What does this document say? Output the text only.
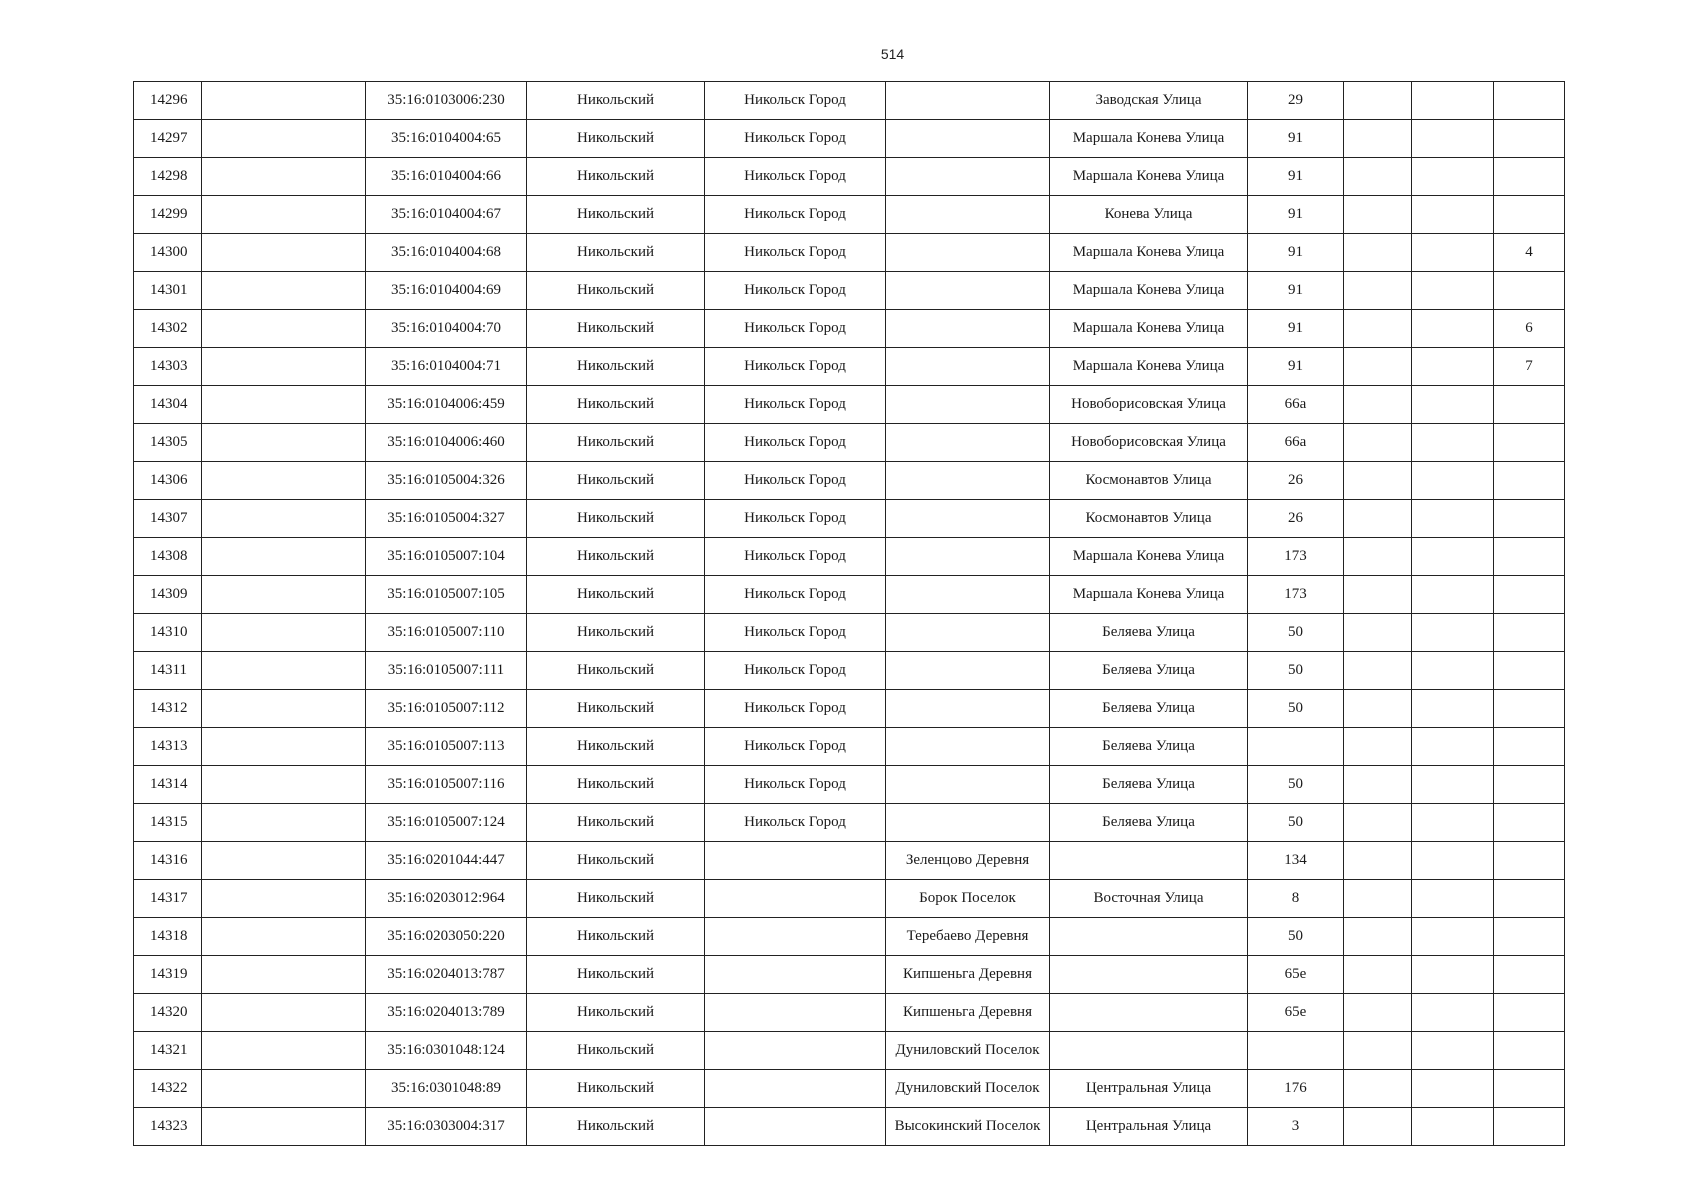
514
14296		35:16:0103006:230	Никольский	Никольск Город		Заводская Улица	29			
14297		35:16:0104004:65	Никольский	Никольск Город		Маршала Конева Улица	91			
14298		35:16:0104004:66	Никольский	Никольск Город		Маршала Конева Улица	91			
14299		35:16:0104004:67	Никольский	Никольск Город		Конева Улица	91			
14300		35:16:0104004:68	Никольский	Никольск Город		Маршала Конева Улица	91			4
14301		35:16:0104004:69	Никольский	Никольск Город		Маршала Конева Улица	91			
14302		35:16:0104004:70	Никольский	Никольск Город		Маршала Конева Улица	91			6
14303		35:16:0104004:71	Никольский	Никольск Город		Маршала Конева Улица	91			7
14304		35:16:0104006:459	Никольский	Никольск Город		Новоборисовская Улица	66а			
14305		35:16:0104006:460	Никольский	Никольск Город		Новоборисовская Улица	66а			
14306		35:16:0105004:326	Никольский	Никольск Город		Космонавтов Улица	26			
14307		35:16:0105004:327	Никольский	Никольск Город		Космонавтов Улица	26			
14308		35:16:0105007:104	Никольский	Никольск Город		Маршала Конева Улица	173			
14309		35:16:0105007:105	Никольский	Никольск Город		Маршала Конева Улица	173			
14310		35:16:0105007:110	Никольский	Никольск Город		Беляева Улица	50			
14311		35:16:0105007:111	Никольский	Никольск Город		Беляева Улица	50			
14312		35:16:0105007:112	Никольский	Никольск Город		Беляева Улица	50			
14313		35:16:0105007:113	Никольский	Никольск Город		Беляева Улица				
14314		35:16:0105007:116	Никольский	Никольск Город		Беляева Улица	50			
14315		35:16:0105007:124	Никольский	Никольск Город		Беляева Улица	50			
14316		35:16:0201044:447	Никольский		Зеленцово Деревня		134			
14317		35:16:0203012:964	Никольский		Борок Поселок	Восточная Улица	8			
14318		35:16:0203050:220	Никольский		Теребаево Деревня		50			
14319		35:16:0204013:787	Никольский		Кипшеньга Деревня		65е			
14320		35:16:0204013:789	Никольский		Кипшеньга Деревня		65е			
14321		35:16:0301048:124	Никольский		Дуниловский Поселок					
14322		35:16:0301048:89	Никольский		Дуниловский Поселок	Центральная Улица	176			
14323		35:16:0303004:317	Никольский		Высокинский Поселок	Центральная Улица	3			
